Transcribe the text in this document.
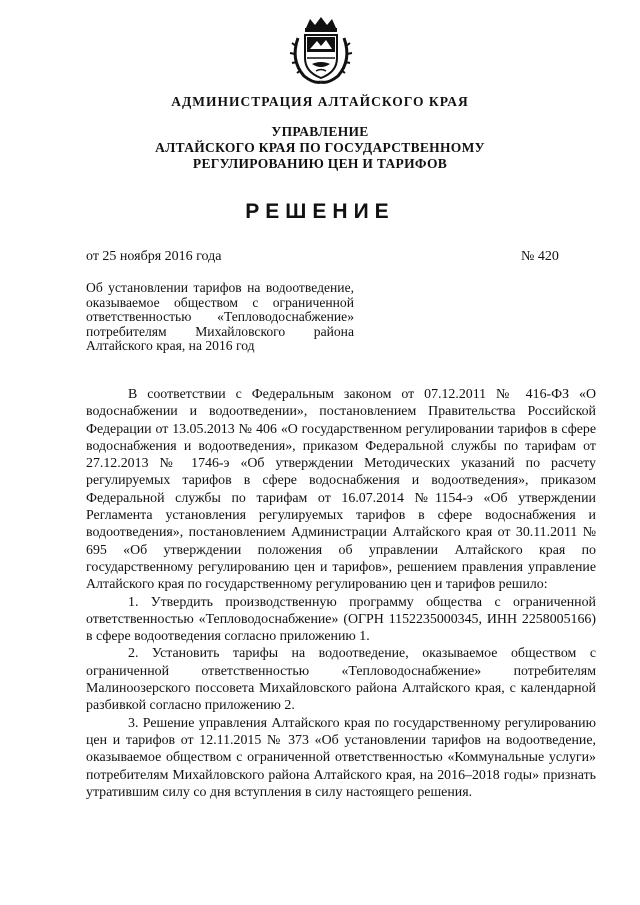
АДМИНИСТРАЦИЯ АЛТАЙСКОГО КРАЯ
УПРАВЛЕНИЕ
АЛТАЙСКОГО КРАЯ ПО ГОСУДАРСТВЕННОМУ
РЕГУЛИРОВАНИЮ ЦЕН И ТАРИФОВ
РЕШЕНИЕ
от 25 ноября 2016 года	№ 420
Об установлении тарифов на водоотведение, оказываемое обществом с ограниченной ответственностью «Тепловодоснабжение» потребителям Михайловского района Алтайского края, на 2016 год

В соответствии с Федеральным законом от 07.12.2011 № 416-ФЗ «О водоснабжении и водоотведении», постановлением Правительства Российской Федерации от 13.05.2013 № 406 «О государственном регулировании тарифов в сфере водоснабжения и водоотведения», приказом Федеральной службы по тарифам от 27.12.2013 № 1746-э «Об утверждении Методических указаний по расчету регулируемых тарифов в сфере водоснабжения и водоотведения», приказом Федеральной службы по тарифам от 16.07.2014 №1154-э «Об утверждении Регламента установления регулируемых тарифов в сфере водоснабжения и водоотведения», постановлением Администрации Алтайского края от 30.11.2011 № 695 «Об утверждении положения об управлении Алтайского края по государственному регулированию цен и тарифов», решением правления управление Алтайского края по государственному регулированию цен и тарифов решило:

1. Утвердить производственную программу общества с ограниченной ответственностью «Тепловодоснабжение» (ОГРН 1152235000345, ИНН 2258005166) в сфере водоотведения согласно приложению 1.

2. Установить тарифы на водоотведение, оказываемое обществом с ограниченной ответственностью «Тепловодоснабжение» потребителям Малиноозерского поссовета Михайловского района Алтайского края, с календарной разбивкой согласно приложению 2.

3. Решение управления Алтайского края по государственному регулированию цен и тарифов от 12.11.2015 № 373 «Об установлении тарифов на водоотведение, оказываемое обществом с ограниченной ответственностью «Коммунальные услуги» потребителям Михайловского района Алтайского края, на 2016–2018 годы» признать утратившим силу со дня вступления в силу настоящего решения.
